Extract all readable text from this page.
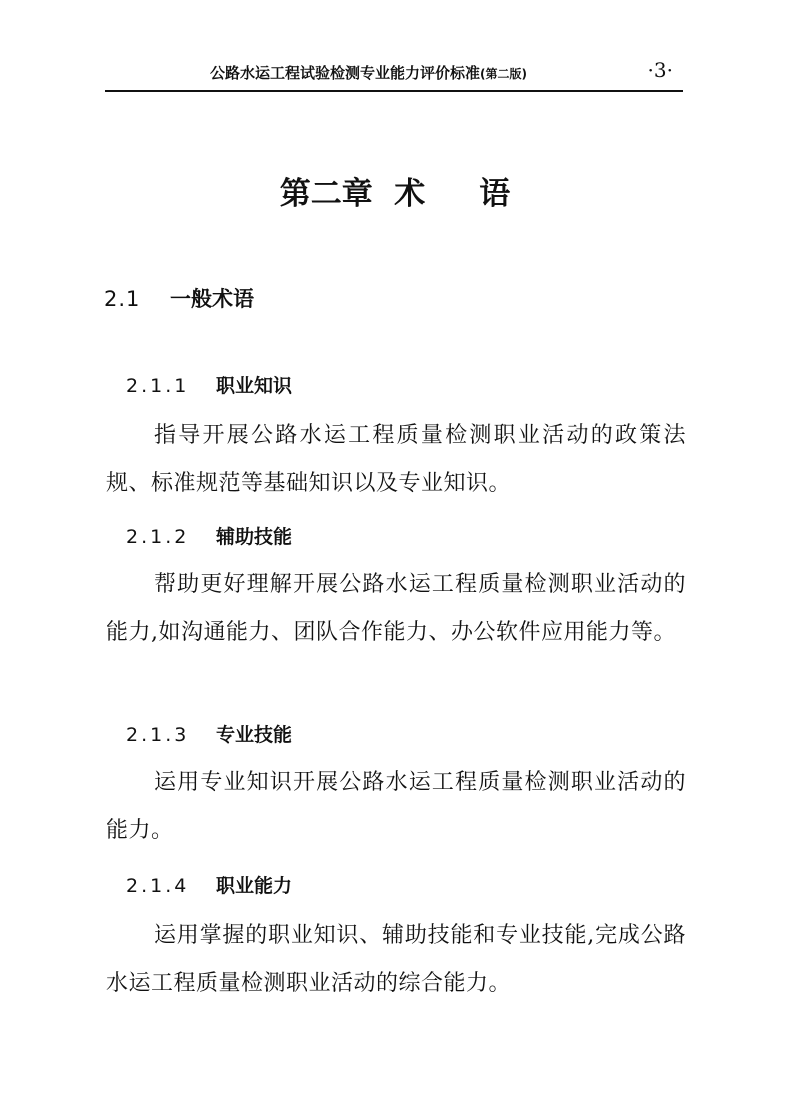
公路水运工程试验检测专业能力评价标准(第二版)	·3·
第二章  术     语
2.1 一般术语
2.1.1 职业知识
指导开展公路水运工程质量检测职业活动的政策法规、标准规范等基础知识以及专业知识。
2.1.2 辅助技能
帮助更好理解开展公路水运工程质量检测职业活动的能力,如沟通能力、团队合作能力、办公软件应用能力等。
2.1.3 专业技能
运用专业知识开展公路水运工程质量检测职业活动的能力。
2.1.4 职业能力
运用掌握的职业知识、辅助技能和专业技能,完成公路水运工程质量检测职业活动的综合能力。
